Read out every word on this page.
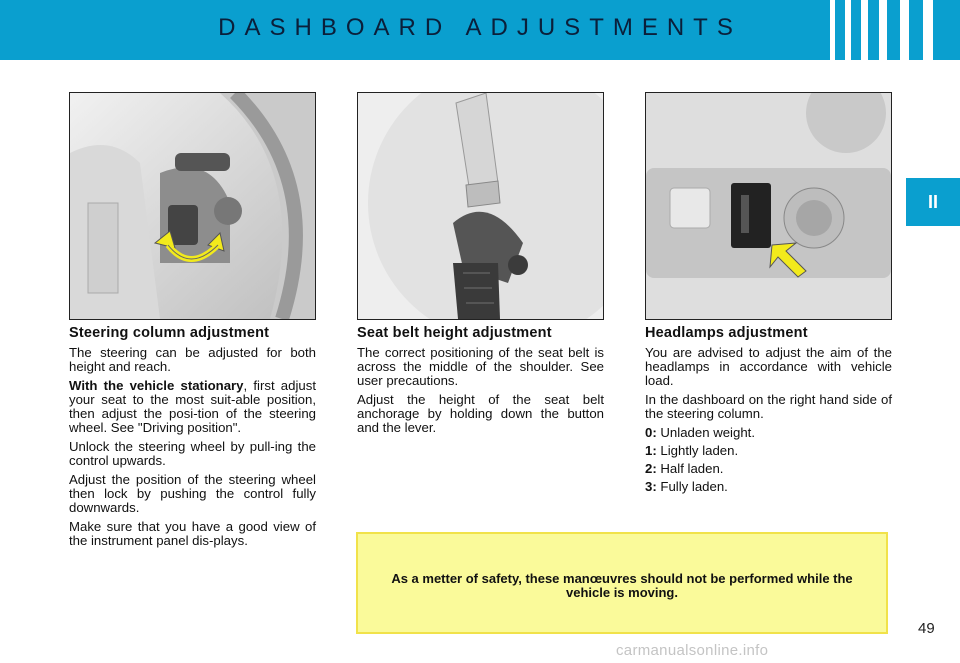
DASHBOARD ADJUSTMENTS
II
Steering column adjustment

The steering can be adjusted for both height and reach.

With the vehicle stationary, first adjust your seat to the most suit-able position, then adjust the posi-tion of the steering wheel. See "Driving position".

Unlock the steering wheel by pull-ing the control upwards.

Adjust the position of the steering wheel then lock by pushing the control fully downwards.

Make sure that you have a good view of the instrument panel dis-plays.

Seat belt height adjustment

The correct positioning of the seat belt is across the middle of the shoulder. See user precautions.

Adjust the height of the seat belt anchorage by holding down the button and the lever.

Headlamps adjustment

You are advised to adjust the aim of the headlamps in accordance with vehicle load.

In the dashboard on the right hand side of the steering column.

0: Unladen weight.
1: Lightly laden.
2: Half laden.
3: Fully laden.
As a metter of safety, these manœuvres should not be performed while the vehicle is moving.
49
carmanualsonline.info
